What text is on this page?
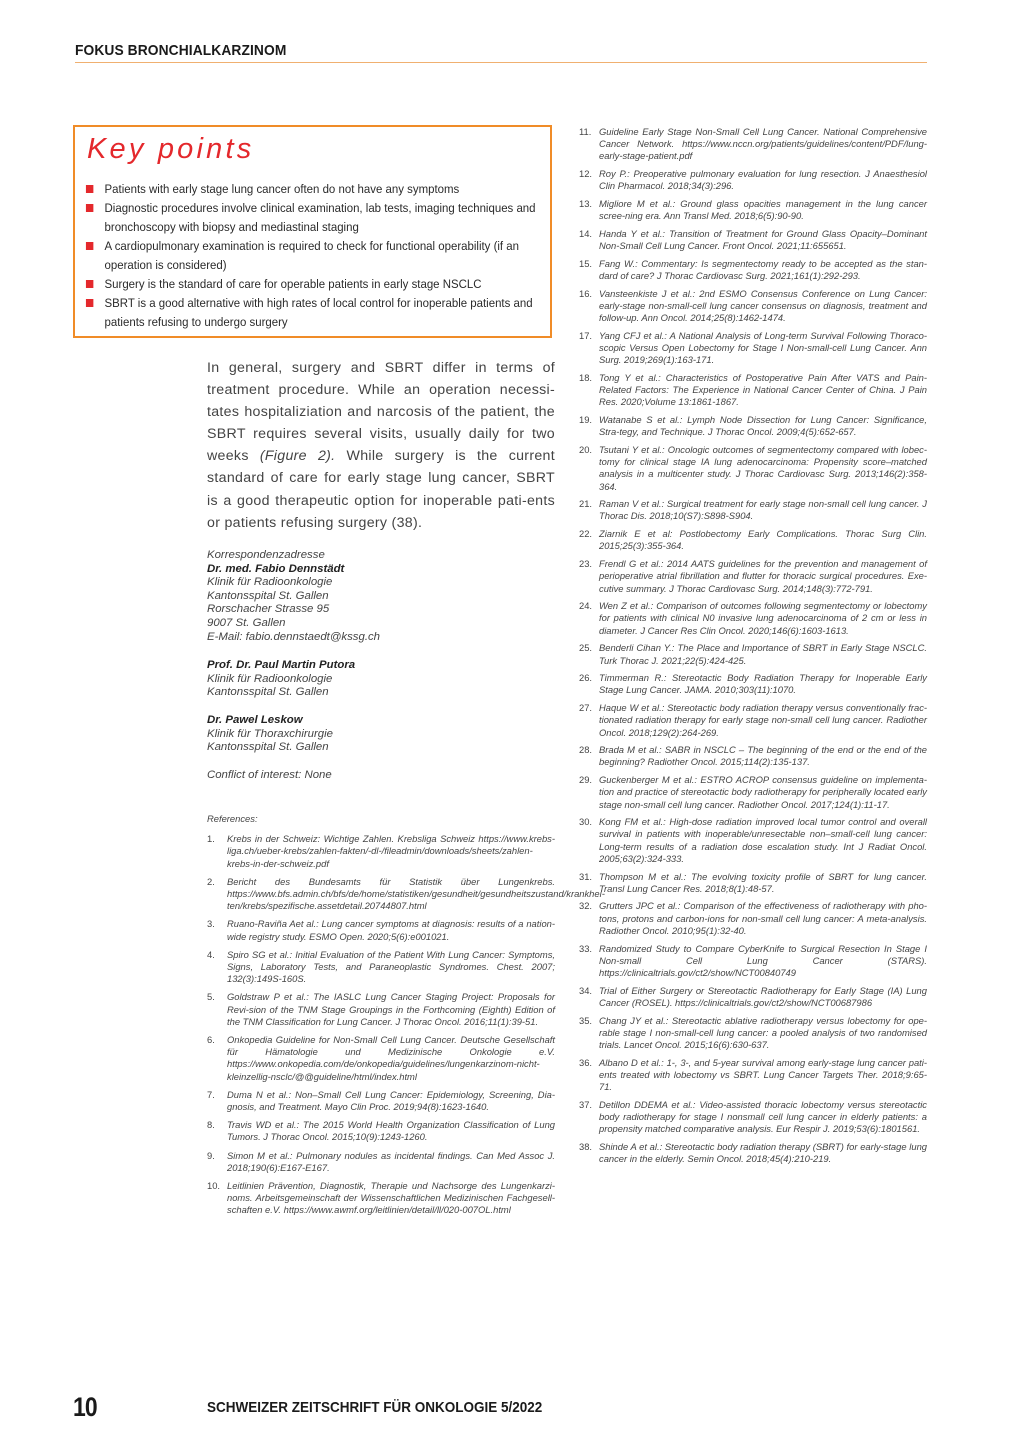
FOKUS BRONCHIALKARZINOM
Key points
Patients with early stage lung cancer often do not have any symptoms
Diagnostic procedures involve clinical examination, lab tests, imaging techniques and bronchoscopy with biopsy and mediastinal staging
A cardiopulmonary examination is required to check for functional operability (if an operation is considered)
Surgery is the standard of care for operable patients in early stage NSCLC
SBRT is a good alternative with high rates of local control for inoperable patients and patients refusing to undergo surgery

In general, surgery and SBRT differ in terms of treatment procedure. While an operation necessi-tates hospitaliziation and narcosis of the patient, the SBRT requires several visits, usually daily for two weeks (Figure 2). While surgery is the current standard of care for early stage lung cancer, SBRT is a good therapeutic option for inoperable pati-ents or patients refusing surgery (38).

Korrespondenzadresse
Dr. med. Fabio Dennstädt
Klinik für Radioonkologie
Kantonsspital St. Gallen
Rorschacher Strasse 95
9007 St. Gallen
E-Mail: fabio.dennstaedt@kssg.ch
Prof. Dr. Paul Martin Putora
Klinik für Radioonkologie
Kantonsspital St. Gallen
Dr. Pawel Leskow
Klinik für Thoraxchirurgie
Kantonsspital St. Gallen
Conflict of interest: None
References:
1. Krebs in der Schweiz: Wichtige Zahlen. Krebsliga Schweiz https://www.krebs-liga.ch/ueber-krebs/zahlen-fakten/-dl-/fileadmin/downloads/sheets/zahlen-krebs-in-der-schweiz.pdf
2. Bericht des Bundesamts für Statistik über Lungenkrebs. https://www.bfs.admin.ch/bfs/de/home/statistiken/gesundheit/gesundheitszustand/krankhei-ten/krebs/spezifische.assetdetail.20744807.html
3. Ruano-Raviña Aet al.: Lung cancer symptoms at diagnosis: results of a nation-wide registry study. ESMO Open. 2020;5(6):e001021.
4. Spiro SG et al.: Initial Evaluation of the Patient With Lung Cancer: Symptoms, Signs, Laboratory Tests, and Paraneoplastic Syndromes. Chest. 2007; 132(3):149S-160S.
5. Goldstraw P et al.: The IASLC Lung Cancer Staging Project: Proposals for Revi-sion of the TNM Stage Groupings in the Forthcoming (Eighth) Edition of the TNM Classification for Lung Cancer. J Thorac Oncol. 2016;11(1):39-51.
6. Onkopedia Guideline for Non-Small Cell Lung Cancer. Deutsche Gesellschaft für Hämatologie und Medizinische Onkologie e.V. https://www.onkopedia.com/de/onkopedia/guidelines/lungenkarzinom-nicht-kleinzellig-nsclc/@@guideline/html/index.html
7. Duma N et al.: Non–Small Cell Lung Cancer: Epidemiology, Screening, Dia-gnosis, and Treatment. Mayo Clin Proc. 2019;94(8):1623-1640.
8. Travis WD et al.: The 2015 World Health Organization Classification of Lung Tumors. J Thorac Oncol. 2015;10(9):1243-1260.
9. Simon M et al.: Pulmonary nodules as incidental findings. Can Med Assoc J. 2018;190(6):E167-E167.
10. Leitlinien Prävention, Diagnostik, Therapie und Nachsorge des Lungenkarzi-noms. Arbeitsgemeinschaft der Wissenschaftlichen Medizinischen Fachgesell-schaften e.V. https://www.awmf.org/leitlinien/detail/ll/020-007OL.html
11. Guideline Early Stage Non-Small Cell Lung Cancer. National Comprehensive Cancer Network. https://www.nccn.org/patients/guidelines/content/PDF/lung-early-stage-patient.pdf
12. Roy P.: Preoperative pulmonary evaluation for lung resection. J Anaesthesiol Clin Pharmacol. 2018;34(3):296.
13. Migliore M et al.: Ground glass opacities management in the lung cancer scree-ning era. Ann Transl Med. 2018;6(5):90-90.
14. Handa Y et al.: Transition of Treatment for Ground Glass Opacity–Dominant Non-Small Cell Lung Cancer. Front Oncol. 2021;11:655651.
15. Fang W.: Commentary: Is segmentectomy ready to be accepted as the stan-dard of care? J Thorac Cardiovasc Surg. 2021;161(1):292-293.
16. Vansteenkiste J et al.: 2nd ESMO Consensus Conference on Lung Cancer: early-stage non-small-cell lung cancer consensus on diagnosis, treatment and follow-up. Ann Oncol. 2014;25(8):1462-1474.
17. Yang CFJ et al.: A National Analysis of Long-term Survival Following Thoraco-scopic Versus Open Lobectomy for Stage I Non-small-cell Lung Cancer. Ann Surg. 2019;269(1):163-171.
18. Tong Y et al.: Characteristics of Postoperative Pain After VATS and Pain-Related Factors: The Experience in National Cancer Center of China. J Pain Res. 2020;Volume 13:1861-1867.
19. Watanabe S et al.: Lymph Node Dissection for Lung Cancer: Significance, Stra-tegy, and Technique. J Thorac Oncol. 2009;4(5):652-657.
20. Tsutani Y et al.: Oncologic outcomes of segmentectomy compared with lobec-tomy for clinical stage IA lung adenocarcinoma: Propensity score–matched analysis in a multicenter study. J Thorac Cardiovasc Surg. 2013;146(2):358-364.
21. Raman V et al.: Surgical treatment for early stage non-small cell lung cancer. J Thorac Dis. 2018;10(S7):S898-S904.
22. Ziarnik E et al: Postlobectomy Early Complications. Thorac Surg Clin. 2015;25(3):355-364.
23. Frendl G et al.: 2014 AATS guidelines for the prevention and management of perioperative atrial fibrillation and flutter for thoracic surgical procedures. Exe-cutive summary. J Thorac Cardiovasc Surg. 2014;148(3):772-791.
24. Wen Z et al.: Comparison of outcomes following segmentectomy or lobectomy for patients with clinical N0 invasive lung adenocarcinoma of 2 cm or less in diameter. J Cancer Res Clin Oncol. 2020;146(6):1603-1613.
25. Benderli Cihan Y.: The Place and Importance of SBRT in Early Stage NSCLC. Turk Thorac J. 2021;22(5):424-425.
26. Timmerman R.: Stereotactic Body Radiation Therapy for Inoperable Early Stage Lung Cancer. JAMA. 2010;303(11):1070.
27. Haque W et al.: Stereotactic body radiation therapy versus conventionally frac-tionated radiation therapy for early stage non-small cell lung cancer. Radiother Oncol. 2018;129(2):264-269.
28. Brada M et al.: SABR in NSCLC – The beginning of the end or the end of the beginning? Radiother Oncol. 2015;114(2):135-137.
29. Guckenberger M et al.: ESTRO ACROP consensus guideline on implementa-tion and practice of stereotactic body radiotherapy for peripherally located early stage non-small cell lung cancer. Radiother Oncol. 2017;124(1):11-17.
30. Kong FM et al.: High-dose radiation improved local tumor control and overall survival in patients with inoperable/unresectable non–small-cell lung cancer: Long-term results of a radiation dose escalation study. Int J Radiat Oncol. 2005;63(2):324-333.
31. Thompson M et al.: The evolving toxicity profile of SBRT for lung cancer. Transl Lung Cancer Res. 2018;8(1):48-57.
32. Grutters JPC et al.: Comparison of the effectiveness of radiotherapy with pho-tons, protons and carbon-ions for non-small cell lung cancer: A meta-analysis. Radiother Oncol. 2010;95(1):32-40.
33. Randomized Study to Compare CyberKnife to Surgical Resection In Stage I Non-small Cell Lung Cancer (STARS). https://clinicaltrials.gov/ct2/show/NCT00840749
34. Trial of Either Surgery or Stereotactic Radiotherapy for Early Stage (IA) Lung Cancer (ROSEL). https://clinicaltrials.gov/ct2/show/NCT00687986
35. Chang JY et al.: Stereotactic ablative radiotherapy versus lobectomy for ope-rable stage I non-small-cell lung cancer: a pooled analysis of two randomised trials. Lancet Oncol. 2015;16(6):630-637.
36. Albano D et al.: 1-, 3-, and 5-year survival among early-stage lung cancer pati-ents treated with lobectomy vs SBRT. Lung Cancer Targets Ther. 2018;9:65-71.
37. Detillon DDEMA et al.: Video-assisted thoracic lobectomy versus stereotactic body radiotherapy for stage I nonsmall cell lung cancer in elderly patients: a propensity matched comparative analysis. Eur Respir J. 2019;53(6):1801561.
38. Shinde A et al.: Stereotactic body radiation therapy (SBRT) for early-stage lung cancer in the elderly. Semin Oncol. 2018;45(4):210-219.
10	SCHWEIZER ZEITSCHRIFT FÜR ONKOLOGIE 5/2022
